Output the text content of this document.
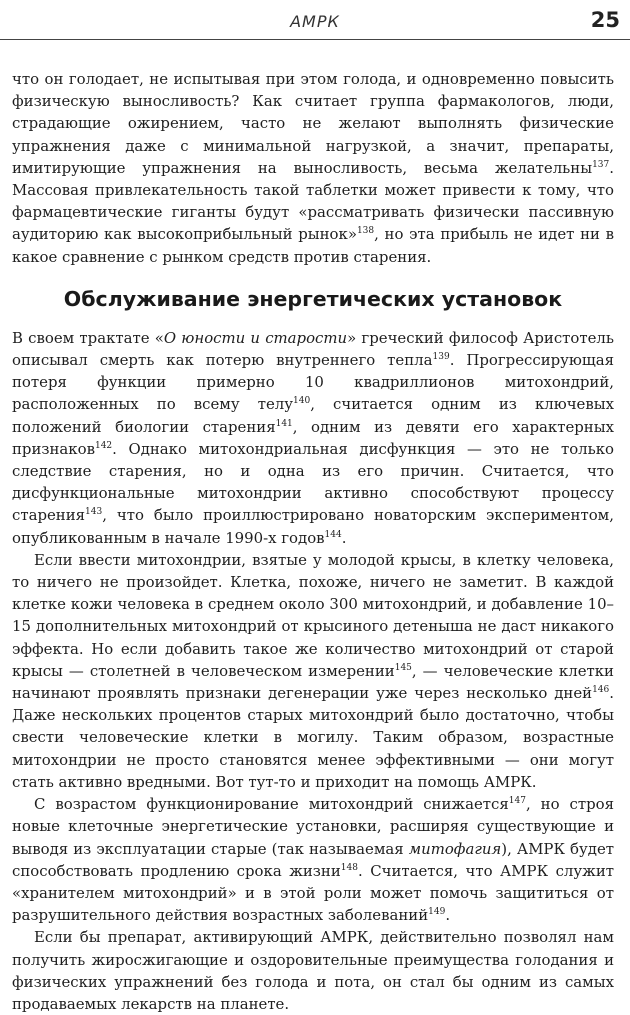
АМРК	25

что он голодает, не испытывая при этом голода, и одновременно повысить физическую выносливость? Как считает группа фармакологов, люди, страдающие ожирением, часто не желают выполнять физические упражнения даже с минимальной нагрузкой, а значит, препараты, имитирующие упражнения на выносливость, весьма желательны$^{137}$. Массовая привлекательность такой таблетки может привести к тому, что фармацевтические гиганты будут «рассматривать физически пассивную аудиторию как высокоприбыльный рынок»$^{138}$, но эта прибыль не идет ни в какое сравнение с рынком средств против старения.

Обслуживание энергетических установок

В своем трактате «О юности и старости» греческий философ Аристотель описывал смерть как потерю внутреннего тепла$^{139}$. Прогрессирующая потеря функции примерно 10 квадриллионов митохондрий, расположенных по всему телу$^{140}$, считается одним из ключевых положений биологии старения$^{141}$, одним из девяти его характерных признаков$^{142}$. Однако митохондриальная дисфункция — это не только следствие старения, но и одна из его причин. Считается, что дисфункциональные митохондрии активно способствуют процессу старения$^{143}$, что было проиллюстрировано новаторским экспериментом, опубликованным в начале 1990-х годов$^{144}$.

Если ввести митохондрии, взятые у молодой крысы, в клетку человека, то ничего не произойдет. Клетка, похоже, ничего не заметит. В каждой клетке кожи человека в среднем около 300 митохондрий, и добавление 10–15 дополнительных митохондрий от крысиного детеныша не даст никакого эффекта. Но если добавить такое же количество митохондрий от старой крысы — столетней в человеческом измерении$^{145}$, — человеческие клетки начинают проявлять признаки дегенерации уже через несколько дней$^{146}$. Даже нескольких процентов старых митохондрий было достаточно, чтобы свести человеческие клетки в могилу. Таким образом, возрастные митохондрии не просто становятся менее эффективными — они могут стать активно вредными. Вот тут-то и приходит на помощь АМРК.

С возрастом функционирование митохондрий снижается$^{147}$, но строя новые клеточные энергетические установки, расширяя существующие и выводя из эксплуатации старые (так называемая митофагия), АМРК будет способствовать продлению срока жизни$^{148}$. Считается, что АМРК служит «хранителем митохондрий» и в этой роли может помочь защититься от разрушительного действия возрастных заболеваний$^{149}$.

Если бы препарат, активирующий АМРК, действительно позволял нам получить жиросжигающие и оздоровительные преимущества голодания и физических упражнений без голода и пота, он стал бы одним из самых продаваемых лекарств на планете.
